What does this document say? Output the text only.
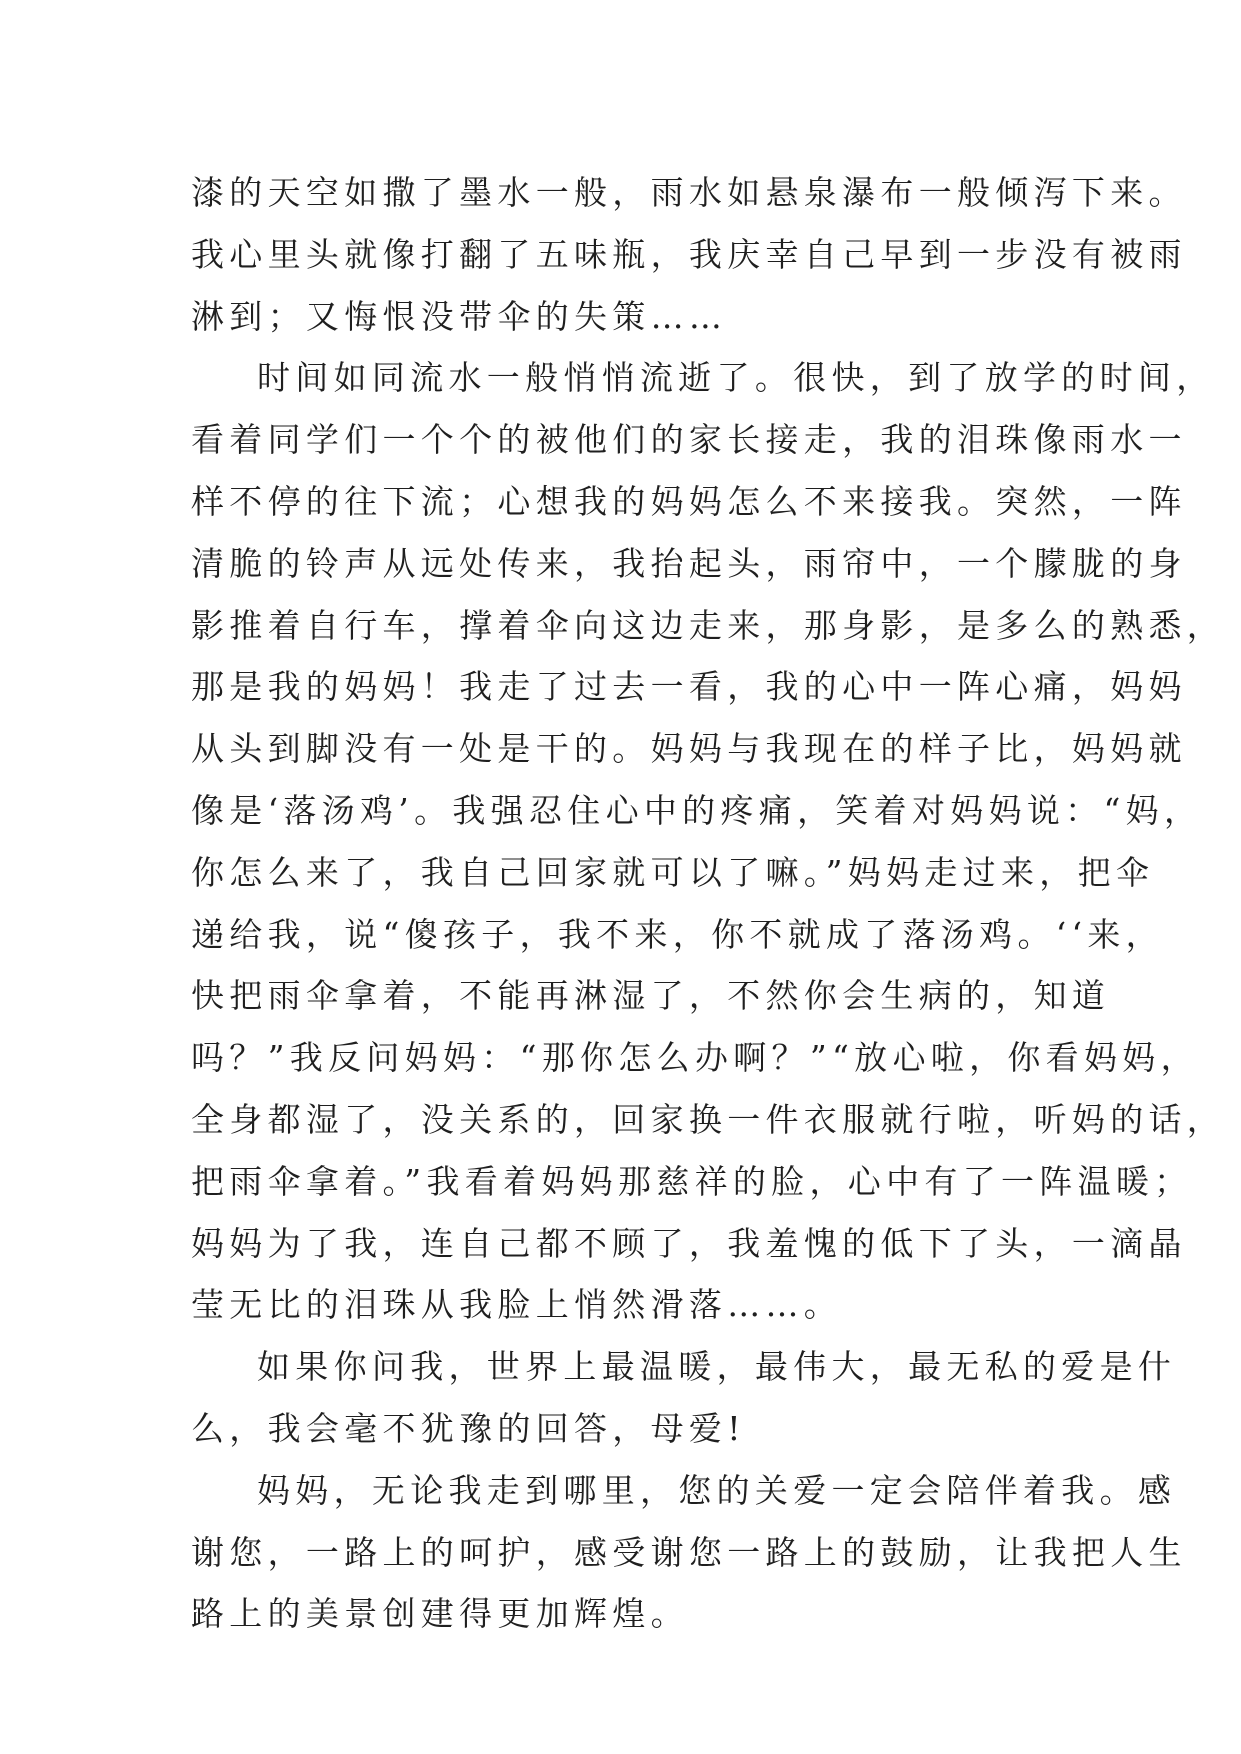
漆的天空如撒了墨水一般，雨水如悬泉瀑布一般倾泻下来。
我心里头就像打翻了五味瓶，我庆幸自己早到一步没有被雨
淋到；又悔恨没带伞的失策……
时间如同流水一般悄悄流逝了。很快，到了放学的时间，
看着同学们一个个的被他们的家长接走，我的泪珠像雨水一
样不停的往下流；心想我的妈妈怎么不来接我。突然，一阵
清脆的铃声从远处传来，我抬起头，雨帘中，一个朦胧的身
影推着自行车，撑着伞向这边走来，那身影，是多么的熟悉，
那是我的妈妈！我走了过去一看，我的心中一阵心痛，妈妈
从头到脚没有一处是干的。妈妈与我现在的样子比，妈妈就
像是‘落汤鸡’。我强忍住心中的疼痛，笑着对妈妈说：“妈，
你怎么来了，我自己回家就可以了嘛。”妈妈走过来，把伞
递给我，说“傻孩子，我不来，你不就成了落汤鸡。‘‘来，
快把雨伞拿着，不能再淋湿了，不然你会生病的，知道
吗？”我反问妈妈：“那你怎么办啊？”“放心啦，你看妈妈，
全身都湿了，没关系的，回家换一件衣服就行啦，听妈的话，
把雨伞拿着。”我看着妈妈那慈祥的脸，心中有了一阵温暖；
妈妈为了我，连自己都不顾了，我羞愧的低下了头，一滴晶
莹无比的泪珠从我脸上悄然滑落……。
如果你问我，世界上最温暖，最伟大，最无私的爱是什
么，我会毫不犹豫的回答，母爱!
妈妈，无论我走到哪里，您的关爱一定会陪伴着我。感
谢您，一路上的呵护，感受谢您一路上的鼓励，让我把人生
路上的美景创建得更加辉煌。
